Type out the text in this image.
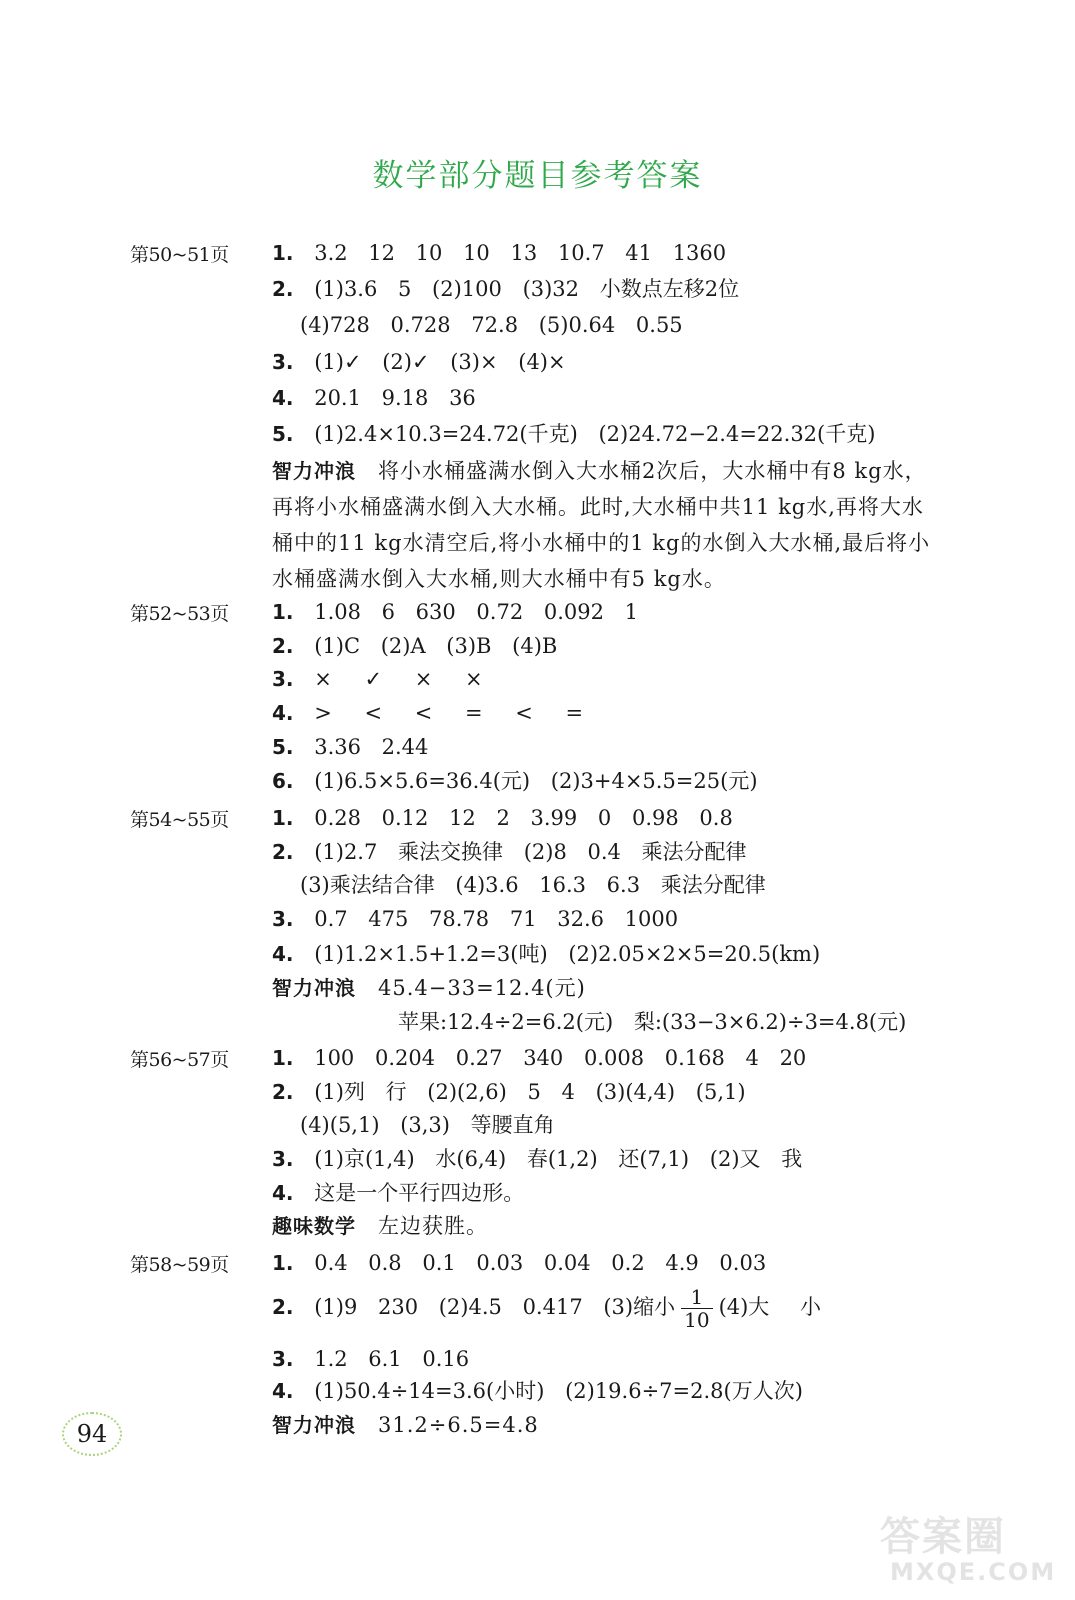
数学部分题目参考答案
第50~51页 1. 3.2 12 10 10 13 10.7 41 1360
2. (1)3.6 5 (2)100 (3)32 小数点左移2位
(4)728 0.728 72.8 (5)0.64 0.55
3. (1)✓ (2)✓ (3)× (4)×
4. 20.1 9.18 36
5. (1)2.4×10.3=24.72(千克) (2)24.72−2.4=22.32(千克)
智力冲浪 将小水桶盛满水倒入大水桶2次后，大水桶中有8 kg水，
再将小水桶盛满水倒入大水桶。此时,大水桶中共11 kg水,再将大水
桶中的11 kg水清空后,将小水桶中的1 kg的水倒入大水桶,最后将小
水桶盛满水倒入大水桶,则大水桶中有5 kg水。
第52~53页 1. 1.08 6 630 0.72 0.092 1
2. (1)C (2)A (3)B (4)B
3. × ✓ × ×
4. > < < = < =
5. 3.36 2.44
6. (1)6.5×5.6=36.4(元) (2)3+4×5.5=25(元)
第54~55页 1. 0.28 0.12 12 2 3.99 0 0.98 0.8
2. (1)2.7 乘法交换律 (2)8 0.4 乘法分配律
(3)乘法结合律 (4)3.6 16.3 6.3 乘法分配律
3. 0.7 475 78.78 71 32.6 1000
4. (1)1.2×1.5+1.2=3(吨) (2)2.05×2×5=20.5(km)
智力冲浪 45.4−33=12.4(元)
苹果:12.4÷2=6.2(元) 梨:(33−3×6.2)÷3=4.8(元)
第56~57页 1. 100 0.204 0.27 340 0.008 0.168 4 20
2. (1)列 行 (2)(2,6) 5 4 (3)(4,4) (5,1)
(4)(5,1) (3,3) 等腰直角
3. (1)京(1,4) 水(6,4) 春(1,2) 还(7,1) (2)又 我
4. 这是一个平行四边形。
趣味数学 左边获胜。
第58~59页 1. 0.4 0.8 0.1 0.03 0.04 0.2 4.9 0.03
2. (1)9 230 (2)4.5 0.417 (3)缩小 $\frac{1}{10} (4)$大 小
3. 1.2 6.1 0.16
4. (1)50.4÷14=3.6(小时) (2)19.6÷7=2.8(万人次)
智力冲浪 31.2÷6.5=4.8
94
答案圈
MXQE.COM
